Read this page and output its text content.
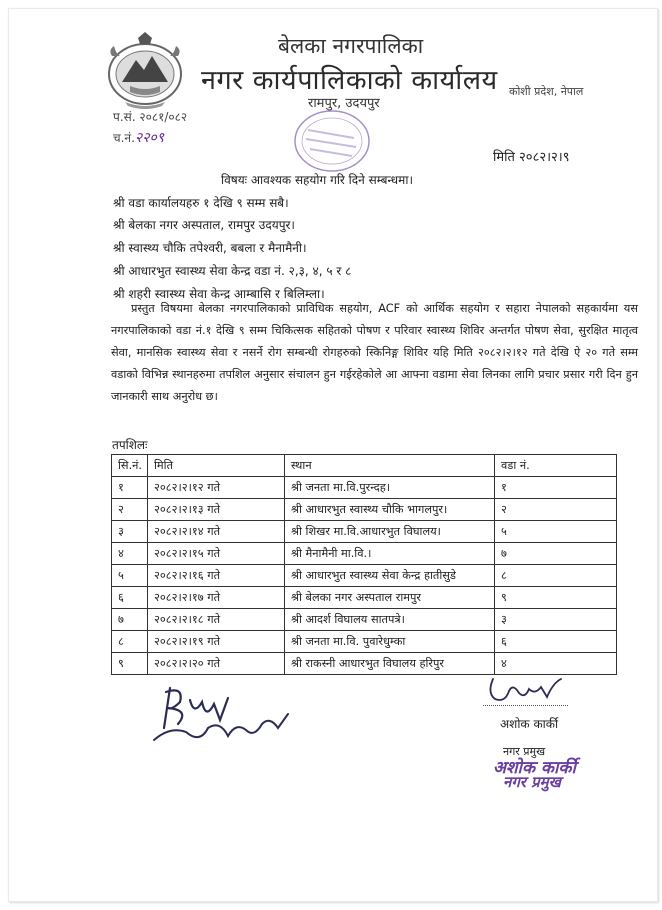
बेलका नगरपालिका
नगर कार्यपालिकाको कार्यालय
रामपुर, उदयपुर
कोशी प्रदेश, नेपाल
प.सं. २०८१/०८२
च.नं.२२०९
मिति २०८२।२।९
विषयः आवश्यक सहयोग गरि दिने सम्बन्धमा।
श्री वडा कार्यालयहरु १ देखि ९ सम्म सबै।
श्री बेलका नगर अस्पताल, रामपुर उदयपुर।
श्री स्वास्थ्य चौकि तपेश्वरी, बबला र मैनामैनी।
श्री आधारभुत स्वास्थ्य सेवा केन्द्र वडा नं. २,३, ४, ५ र ८
श्री शहरी स्वास्थ्य सेवा केन्द्र आम्बासि र बिलिम्ला।
प्रस्तुत विषयमा बेलका नगरपालिकाको प्राविधिक सहयोग, ACF को आर्थिक सहयोग र सहारा नेपालको सहकार्यमा यस नगरपालिकाको वडा नं.१ देखि ९ सम्म चिकित्सक सहितको पोषण र परिवार स्वास्थ्य शिविर अन्तर्गत पोषण सेवा, सुरक्षित मातृत्व सेवा, मानसिक स्वास्थ्य सेवा र नसर्ने रोग सम्बन्धी रोगहरुको स्किनिङ्ग शिविर यहि मिति २०८२।२।१२ गते देखि ऐ २० गते सम्म वडाको विभिन्न स्थानहरुमा तपशिल अनुसार संचालन हुन गईरहेकोले आ आफ्ना वडामा सेवा लिनका लागि प्रचार प्रसार गरी दिन हुन जानकारी साथ अनुरोध छ।
तपशिलः
सि.नं.	मिति	स्थान	वडा नं.
१	२०८२।२।१२ गते	श्री जनता मा.वि.पुरन्दह।	१
२	२०८२।२।१३ गते	श्री आधारभुत स्वास्थ्य चौकि भागलपुर।	२
३	२०८२।२।१४ गते	श्री शिखर मा.वि.आधारभुत विघालय।	५
४	२०८२।२।१५ गते	श्री मैनामैनी मा.वि.।	७
५	२०८२।२।१६ गते	श्री आधारभुत स्वास्थ्य सेवा केन्द्र हातीसुडे	८
६	२०८२।२।१७ गते	श्री बेलका नगर अस्पताल रामपुर	९
७	२०८२।२।१८ गते	श्री आदर्श विघालय सातपत्रे।	३
८	२०८२।२।१९ गते	श्री जनता मा.वि. पुवारेधुम्का	६
९	२०८२।२।२० गते	श्री राकस्नी आधारभुत विघालय हरिपुर	४
अशोक कार्की
नगर प्रमुख
अशोक कार्की
नगर प्रमुख
